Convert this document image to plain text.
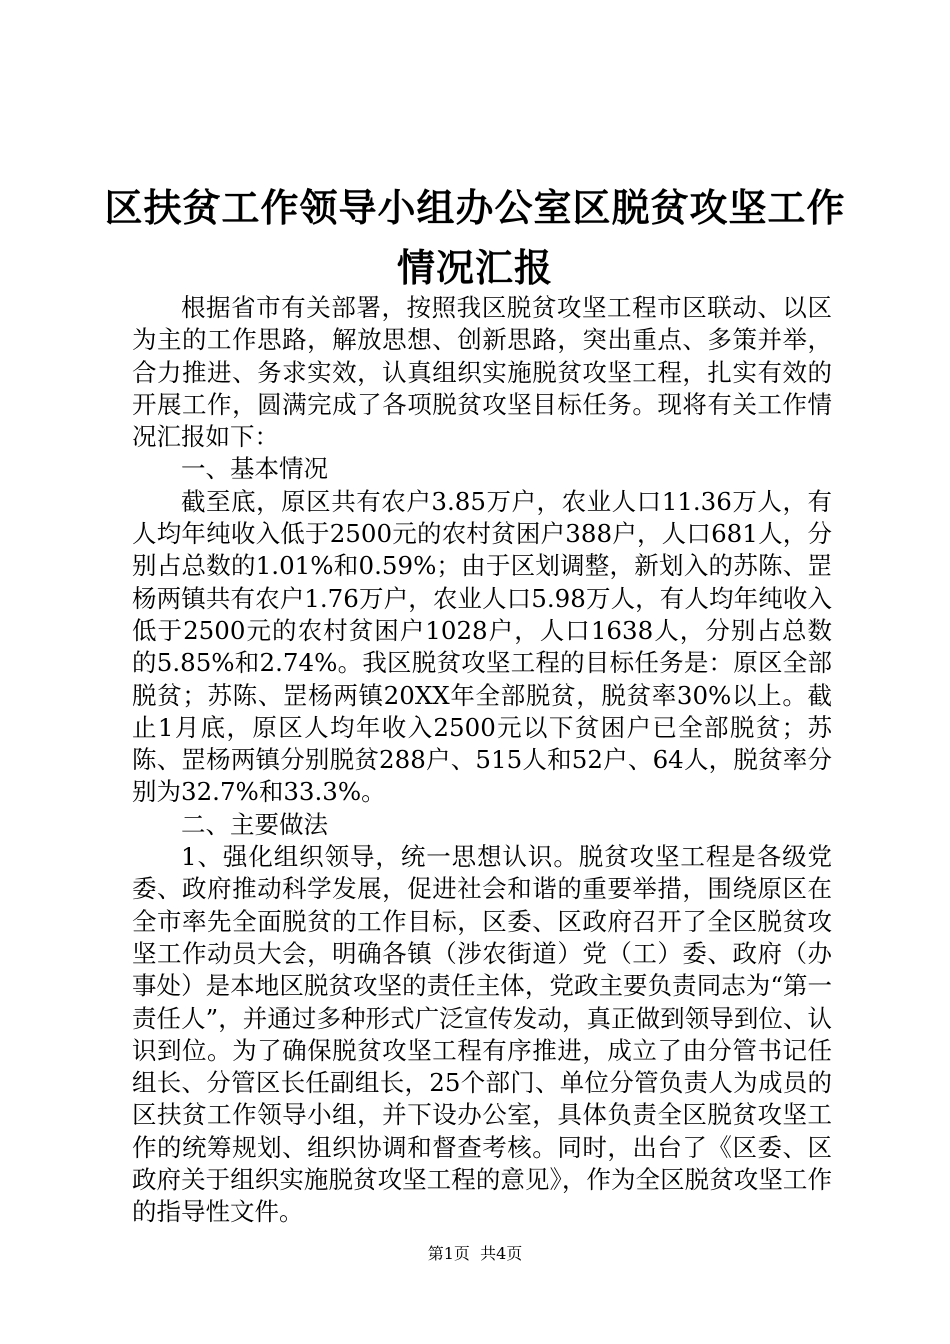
区扶贫工作领导小组办公室区脱贫攻坚工作情况汇报

根据省市有关部署，按照我区脱贫攻坚工程市区联动、以区为主的工作思路，解放思想、创新思路，突出重点、多策并举，合力推进、务求实效，认真组织实施脱贫攻坚工程，扎实有效的开展工作，圆满完成了各项脱贫攻坚目标任务。现将有关工作情况汇报如下：

一、基本情况

截至底，原区共有农户3.85万户，农业人口11.36万人，有人均年纯收入低于2500元的农村贫困户388户，人口681人，分别占总数的1.01%和0.59%；由于区划调整，新划入的苏陈、罡杨两镇共有农户1.76万户，农业人口5.98万人，有人均年纯收入低于2500元的农村贫困户1028户，人口1638人，分别占总数的5.85%和2.74%。我区脱贫攻坚工程的目标任务是：原区全部脱贫；苏陈、罡杨两镇20XX年全部脱贫，脱贫率30%以上。截止1月底，原区人均年收入2500元以下贫困户已全部脱贫；苏陈、罡杨两镇分别脱贫288户、515人和52户、64人，脱贫率分别为32.7%和33.3%。

二、主要做法

1、强化组织领导，统一思想认识。脱贫攻坚工程是各级党委、政府推动科学发展，促进社会和谐的重要举措，围绕原区在全市率先全面脱贫的工作目标，区委、区政府召开了全区脱贫攻坚工作动员大会，明确各镇（涉农街道）党（工）委、政府（办事处）是本地区脱贫攻坚的责任主体，党政主要负责同志为“第一责任人”，并通过多种形式广泛宣传发动，真正做到领导到位、认识到位。为了确保脱贫攻坚工程有序推进，成立了由分管书记任组长、分管区长任副组长，25个部门、单位分管负责人为成员的区扶贫工作领导小组，并下设办公室，具体负责全区脱贫攻坚工作的统筹规划、组织协调和督查考核。同时，出台了《区委、区政府关于组织实施脱贫攻坚工程的意见》，作为全区脱贫攻坚工作的指导性文件。

第1页 共4页
